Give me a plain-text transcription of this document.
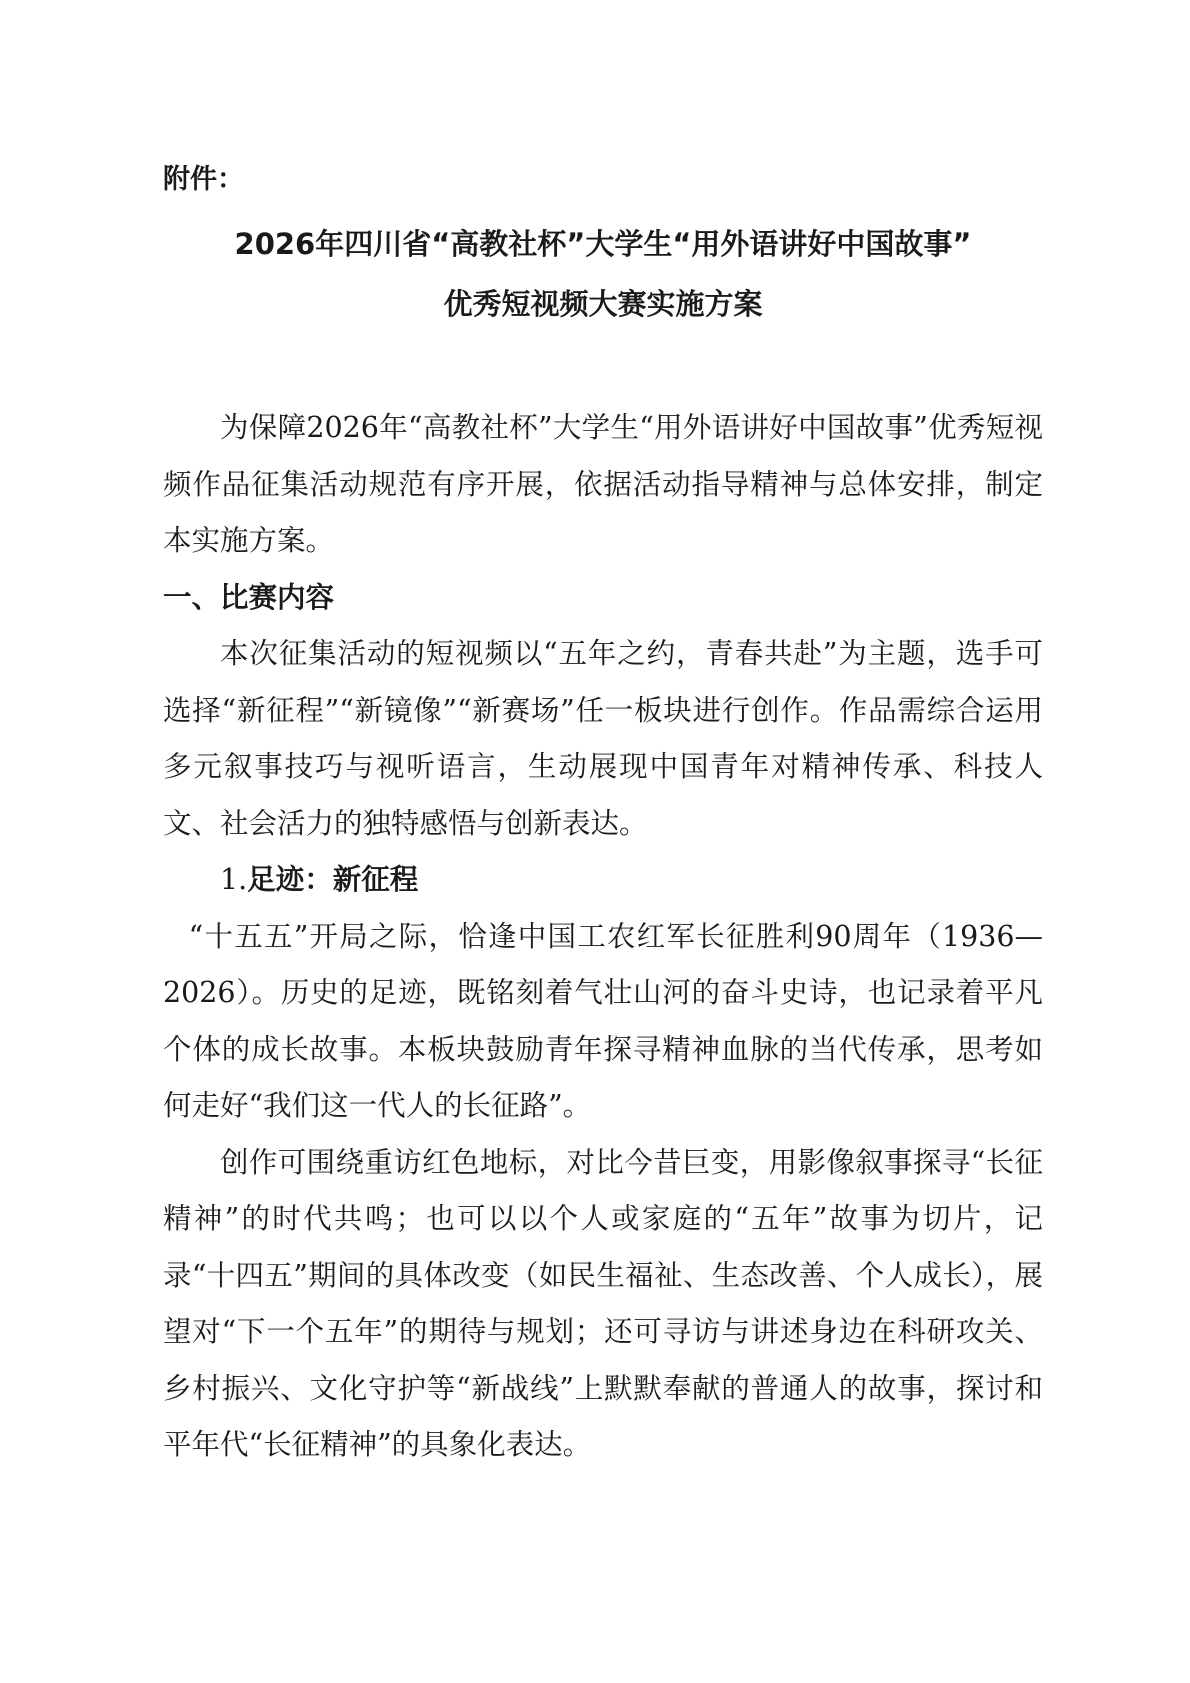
附件：
2026年四川省“高教社杯”大学生“用外语讲好中国故事”
优秀短视频大赛实施方案

为保障2026年“高教社杯”大学生“用外语讲好中国故事”优秀短视频作品征集活动规范有序开展，依据活动指导精神与总体安排，制定本实施方案。

一、比赛内容

本次征集活动的短视频以“五年之约，青春共赴”为主题，选手可选择“新征程”“新镜像”“新赛场”任一板块进行创作。作品需综合运用多元叙事技巧与视听语言，生动展现中国青年对精神传承、科技人文、社会活力的独特感悟与创新表达。

1.足迹：新征程

“十五五”开局之际，恰逢中国工农红军长征胜利90周年（1936—2026）。历史的足迹，既铭刻着气壮山河的奋斗史诗，也记录着平凡个体的成长故事。本板块鼓励青年探寻精神血脉的当代传承，思考如何走好“我们这一代人的长征路”。

创作可围绕重访红色地标，对比今昔巨变，用影像叙事探寻“长征精神”的时代共鸣；也可以以个人或家庭的“五年”故事为切片，记录“十四五”期间的具体改变（如民生福祉、生态改善、个人成长），展望对“下一个五年”的期待与规划；还可寻访与讲述身边在科研攻关、乡村振兴、文化守护等“新战线”上默默奉献的普通人的故事，探讨和平年代“长征精神”的具象化表达。
